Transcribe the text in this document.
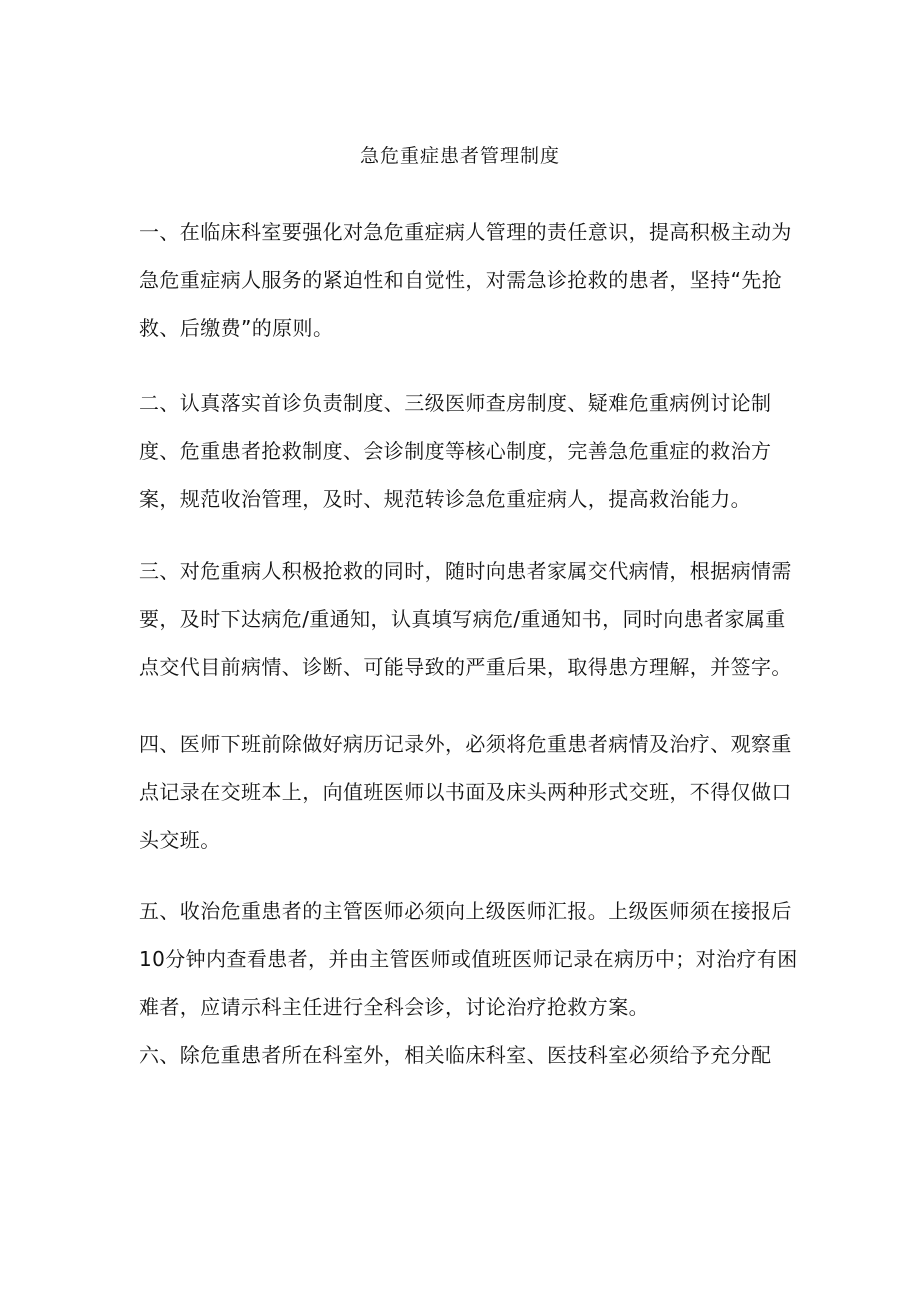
急危重症患者管理制度

一、在临床科室要强化对急危重症病人管理的责任意识，提高积极主动为急危重症病人服务的紧迫性和自觉性，对需急诊抢救的患者，坚持“先抢救、后缴费”的原则。

二、认真落实首诊负责制度、三级医师查房制度、疑难危重病例讨论制度、危重患者抢救制度、会诊制度等核心制度，完善急危重症的救治方案，规范收治管理，及时、规范转诊急危重症病人，提高救治能力。

三、对危重病人积极抢救的同时，随时向患者家属交代病情，根据病情需要，及时下达病危/重通知，认真填写病危/重通知书，同时向患者家属重点交代目前病情、诊断、可能导致的严重后果，取得患方理解，并签字。

四、医师下班前除做好病历记录外，必须将危重患者病情及治疗、观察重点记录在交班本上，向值班医师以书面及床头两种形式交班，不得仅做口头交班。

五、收治危重患者的主管医师必须向上级医师汇报。上级医师须在接报后10分钟内查看患者，并由主管医师或值班医师记录在病历中；对治疗有困难者，应请示科主任进行全科会诊，讨论治疗抢救方案。

六、除危重患者所在科室外，相关临床科室、医技科室必须给予充分配
